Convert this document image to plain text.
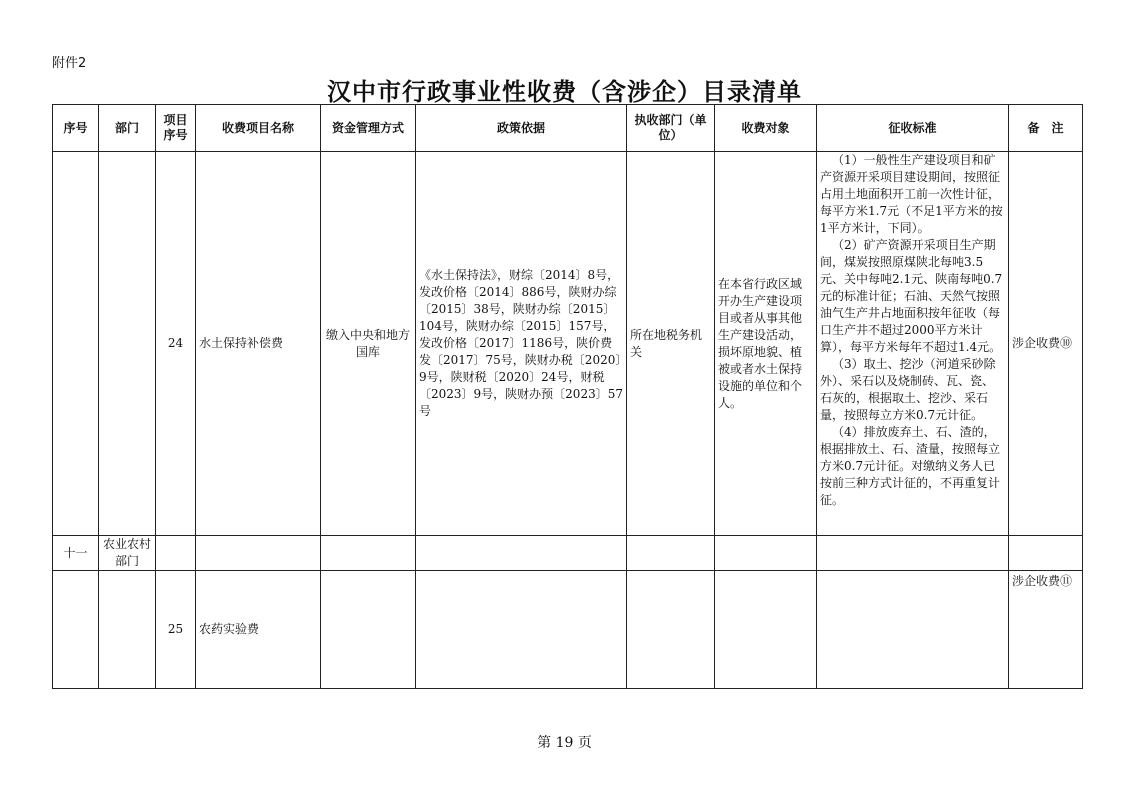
附件2
汉中市行政事业性收费（含涉企）目录清单
序号	部门	项目序号	收费项目名称	资金管理方式	政策依据	执收部门（单位）	收费对象	征收标准	备　注
		24	水土保持补偿费	缴入中央和地方国库	《水土保持法》，财综〔2014〕8号，发改价格〔2014〕886号，陕财办综〔2015〕38号，陕财办综〔2015〕104号，陕财办综〔2015〕157号，发改价格〔2017〕1186号，陕价费发〔2017〕75号，陕财办税〔2020〕9号，陕财税〔2020〕24号，财税〔2023〕9号，陕财办预〔2023〕57号	所在地税务机关	在本省行政区域开办生产建设项目或者从事其他生产建设活动，损坏原地貌、植被或者水土保持设施的单位和个人。	（1）一般性生产建设项目和矿产资源开采项目建设期间，按照征占用土地面积开工前一次性计征，每平方米1.7元（不足1平方米的按1平方米计，下同）。

（2）矿产资源开采项目生产期间，煤炭按照原煤陕北每吨3.5元、关中每吨2.1元、陕南每吨0.7元的标准计征；石油、天然气按照油气生产井占地面积按年征收（每口生产井不超过2000平方米计算），每平方米每年不超过1.4元。

（3）取土、挖沙（河道采砂除外）、采石以及烧制砖、瓦、瓷、石灰的，根据取土、挖沙、采石量，按照每立方米0.7元计征。

（4）排放废弃土、石、渣的，根据排放土、石、渣量，按照每立方米0.7元计征。对缴纳义务人已按前三种方式计征的，不再重复计征。	涉企收费⑩
十一	农业农村部门								
		25	农药实验费						涉企收费⑪
第 19 页
